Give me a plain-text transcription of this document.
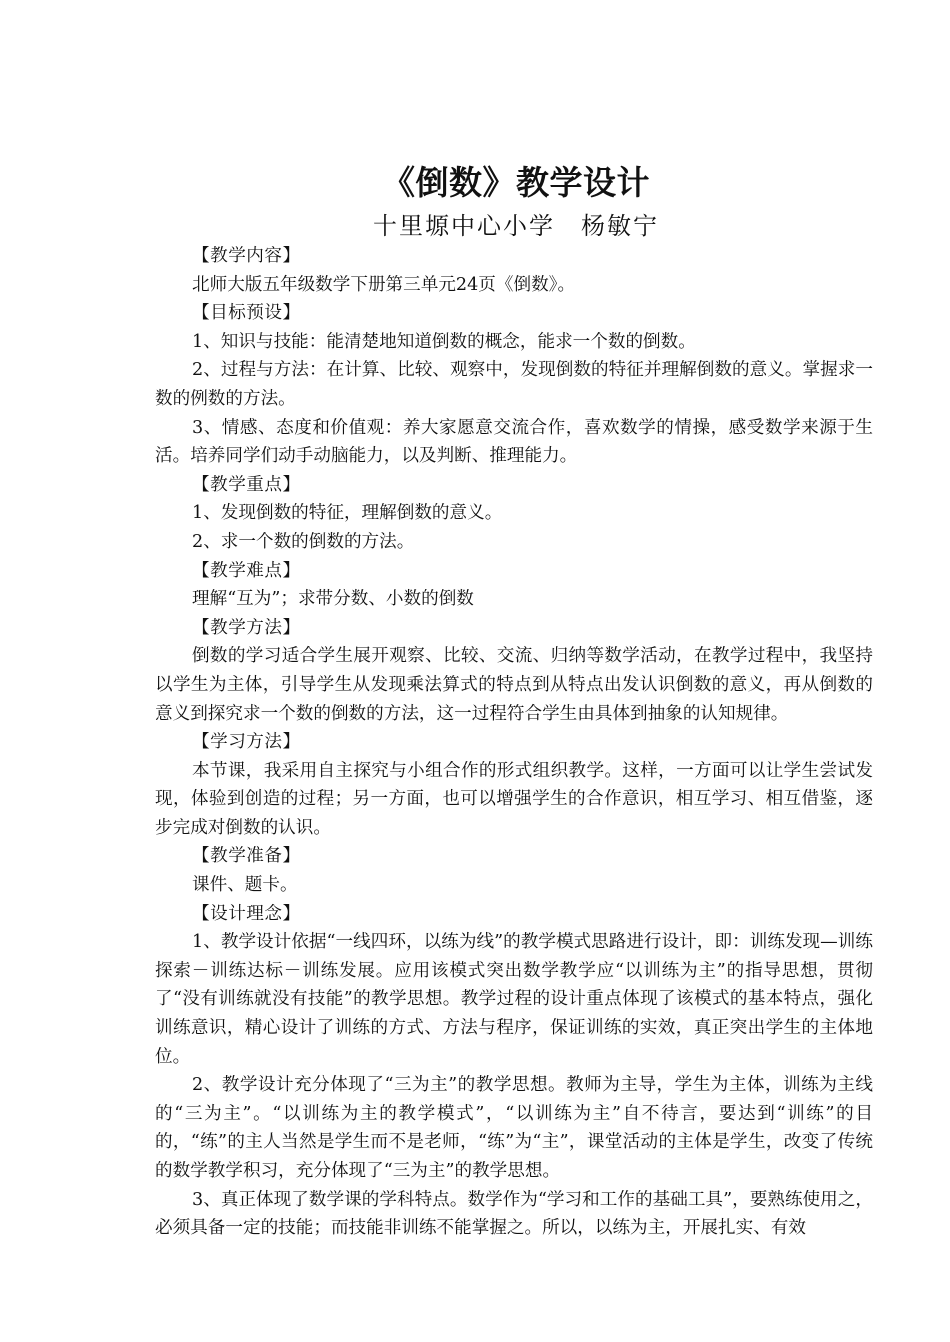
《倒数》教学设计
十里塬中心小学 杨敏宁

【教学内容】

北师大版五年级数学下册第三单元24页《倒数》。

【目标预设】

1、知识与技能：能清楚地知道倒数的概念，能求一个数的倒数。

2、过程与方法：在计算、比较、观察中，发现倒数的特征并理解倒数的意义。掌握求一数的例数的方法。

3、情感、态度和价值观：养大家愿意交流合作，喜欢数学的情操，感受数学来源于生活。培养同学们动手动脑能力，以及判断、推理能力。

【教学重点】

1、发现倒数的特征，理解倒数的意义。

2、求一个数的倒数的方法。

【教学难点】

理解“互为”；求带分数、小数的倒数

【教学方法】

倒数的学习适合学生展开观察、比较、交流、归纳等数学活动，在教学过程中，我坚持以学生为主体，引导学生从发现乘法算式的特点到从特点出发认识倒数的意义，再从倒数的意义到探究求一个数的倒数的方法，这一过程符合学生由具体到抽象的认知规律。

【学习方法】

本节课，我采用自主探究与小组合作的形式组织教学。这样，一方面可以让学生尝试发现，体验到创造的过程；另一方面，也可以增强学生的合作意识，相互学习、相互借鉴，逐步完成对倒数的认识。

【教学准备】

课件、题卡。

【设计理念】

1、教学设计依据“一线四环，以练为线”的教学模式思路进行设计，即：训练发现—训练探索－训练达标－训练发展。应用该模式突出数学教学应“以训练为主”的指导思想，贯彻了“没有训练就没有技能”的教学思想。教学过程的设计重点体现了该模式的基本特点，强化训练意识，精心设计了训练的方式、方法与程序，保证训练的实效，真正突出学生的主体地位。

2、教学设计充分体现了“三为主”的教学思想。教师为主导，学生为主体，训练为主线的“三为主”。“以训练为主的教学模式”，“以训练为主”自不待言，要达到“训练”的目的，“练”的主人当然是学生而不是老师，“练”为“主”，课堂活动的主体是学生，改变了传统的数学教学积习，充分体现了“三为主”的教学思想。

3、真正体现了数学课的学科特点。数学作为“学习和工作的基础工具”，要熟练使用之，必须具备一定的技能；而技能非训练不能掌握之。所以，以练为主，开展扎实、有效
